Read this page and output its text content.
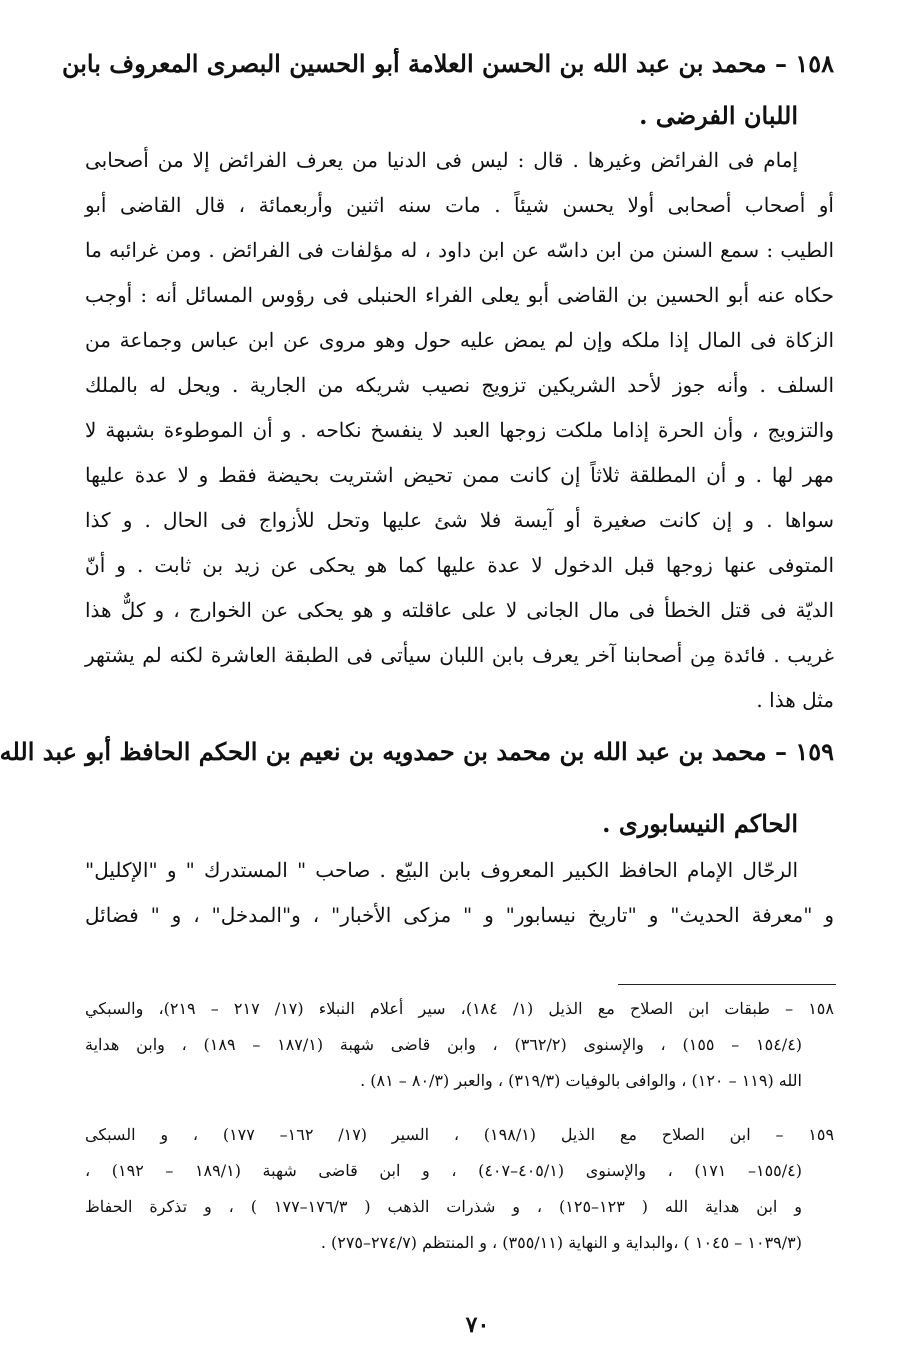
١٥٨ – محمد بن عبد الله بن الحسن العلامة أبو الحسين البصرى المعروف بابن
اللبان الفرضى .
إمام فى الفرائض وغيرها . قال : ليس فى الدنيا من يعرف الفرائض إلا من أصحابى
أو أصحاب أصحابى أولا يحسن شيئاً . مات سنه اثنين وأربعمائة ، قال القاضى أبو
الطيب : سمع السنن من ابن داسّه عن ابن داود ، له مؤلفات فى الفرائض . ومن غرائبه ما
حكاه عنه أبو الحسين بن القاضى أبو يعلى الفراء الحنبلى فى رؤوس المسائل أنه : أوجب
الزكاة فى المال إذا ملكه وإن لم يمض عليه حول وهو مروى عن ابن عباس وجماعة من
السلف . وأنه جوز لأحد الشريكين تزويج نصيب شريكه من الجارية . ويحل له بالملك
والتزويج ، وأن الحرة إذاما ملكت زوجها العبد لا ينفسخ نكاحه . و أن الموطوءة بشبهة لا
مهر لها . و أن المطلقة ثلاثاً إن كانت ممن تحيض اشتريت بحيضة فقط و لا عدة عليها
سواها . و إن كانت صغيرة أو آيسة فلا شئ عليها وتحل للأزواج فى الحال . و كذا
المتوفى عنها زوجها قبل الدخول لا عدة عليها كما هو يحكى عن زيد بن ثابت . و أنّ
الديّة فى قتل الخطأ فى مال الجانى لا على عاقلته و هو يحكى عن الخوارج ، و كلٌّ هذا
غريب . فائدة مِن أصحابنا آخر يعرف بابن اللبان سيأتى فى الطبقة العاشرة لكنه لم يشتهر
مثل هذا .
١٥٩ – محمد بن عبد الله بن محمد بن حمدويه بن نعيم بن الحكم الحافظ أبو عبد الله
الحاكم النيسابورى .
الرحّال الإمام الحافظ الكبير المعروف بابن البيّع . صاحب " المستدرك " و "الإكليل"
و "معرفة الحديث" و "تاريخ نيسابور" و " مزكى الأخبار" ، و"المدخل" ، و " فضائل
١٥٨ – طبقات ابن الصلاح مع الذيل (١/ ١٨٤)، سير أعلام النبلاء (١٧/ ٢١٧ – ٢١٩)، والسبكي
(١٥٤/٤ – ١٥٥) ، والإسنوى (٣٦٢/٢) ، وابن قاضى شهبة (١٨٧/١ – ١٨٩) ، وابن هداية
الله (١١٩ – ١٢٠) ، والوافى بالوفيات (٣١٩/٣) ، والعبر (٨٠/٣ – ٨١) .
١٥٩ – ابن الصلاح مع الذيل (١٩٨/١) ، السير (١٧/ ١٦٢– ١٧٧) ، و السبكى
(١٥٥/٤– ١٧١) ، والإسنوى (٤٠٥/١–٤٠٧) ، و ابن قاضى شهبة (١٨٩/١ – ١٩٢) ،
و ابن هداية الله ( ١٢٣–١٢٥) ، و شذرات الذهب ( ١٧٦/٣–١٧٧ ) ، و تذكرة الحفاظ
(١٠٣٩/٣ – ١٠٤٥ ) ،والبداية و النهاية (٣٥٥/١١) ، و المنتظم (٢٧٤/٧–٢٧٥) .
٧٠
